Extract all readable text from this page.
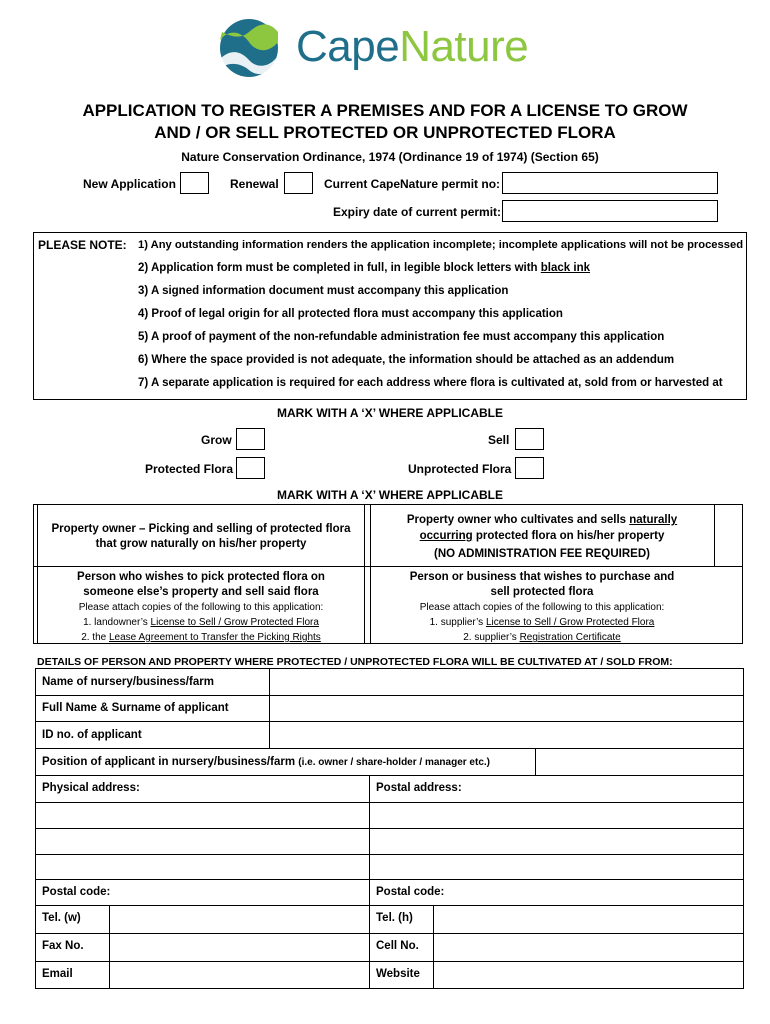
CapeNature
APPLICATION TO REGISTER A PREMISES AND FOR A LICENSE TO GROW
AND / OR SELL PROTECTED OR UNPROTECTED FLORA
Nature Conservation Ordinance, 1974 (Ordinance 19 of 1974) (Section 65)
New Application	Renewal	Current CapeNature permit no:
Expiry date of current permit:
PLEASE NOTE: 1) Any outstanding information renders the application incomplete; incomplete applications will not be processed
2) Application form must be completed in full, in legible block letters with black ink
3) A signed information document must accompany this application
4) Proof of legal origin for all protected flora must accompany this application
5) A proof of payment of the non-refundable administration fee must accompany this application
6) Where the space provided is not adequate, the information should be attached as an addendum
7) A separate application is required for each address where flora is cultivated at, sold from or harvested at
MARK WITH A ‘X’ WHERE APPLICABLE
Grow	Sell
Protected Flora	Unprotected Flora
MARK WITH A ‘X’ WHERE APPLICABLE
Property owner – Picking and selling of protected flora that grow naturally on his/her property
Property owner who cultivates and sells naturally
occurring protected flora on his/her property
(NO ADMINISTRATION FEE REQUIRED)
Person who wishes to pick protected flora on someone else’s property and sell said flora
Please attach copies of the following to this application:
1. landowner’s License to Sell / Grow Protected Flora
2. the Lease Agreement to Transfer the Picking Rights
Person or business that wishes to purchase and sell protected flora
Please attach copies of the following to this application:
1. supplier’s License to Sell / Grow Protected Flora
2. supplier’s Registration Certificate
DETAILS OF PERSON AND PROPERTY WHERE PROTECTED / UNPROTECTED FLORA WILL BE CULTIVATED AT / SOLD FROM:
Name of nursery/business/farm
Full Name & Surname of applicant
ID no. of applicant
Position of applicant in nursery/business/farm (i.e. owner / share-holder / manager etc.)
Physical address:	Postal address:
Postal code:	Postal code:
Tel. (w)	Tel. (h)
Fax No.	Cell No.
Email	Website
